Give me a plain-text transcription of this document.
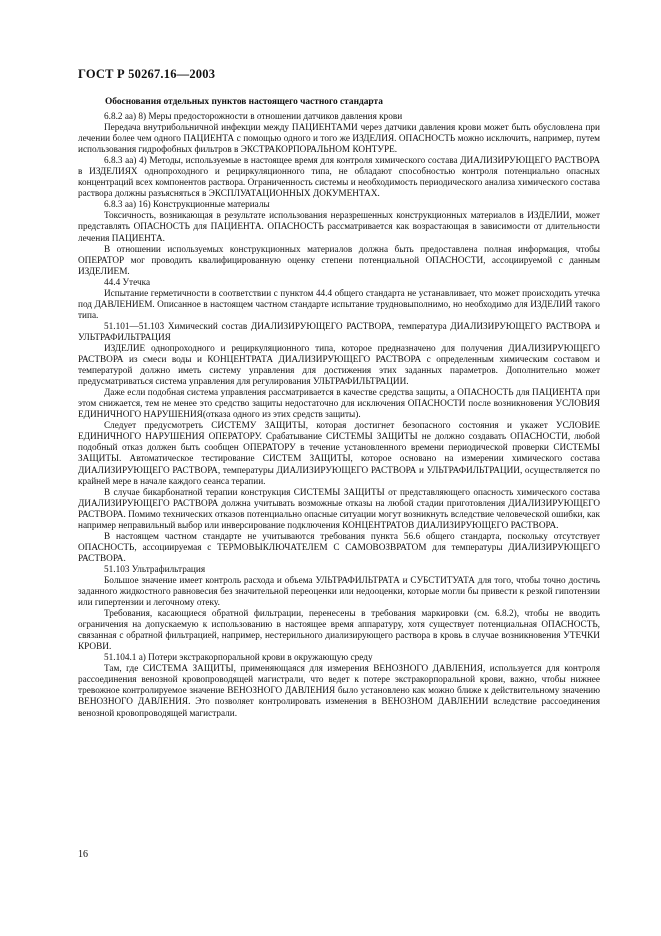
ГОСТ Р 50267.16—2003
Обоснования отдельных пунктов настоящего частного стандарта

6.8.2 аа) 8) Меры предосторожности в отношении датчиков давления крови

Передача внутрибольничной инфекции между ПАЦИЕНТАМИ через датчики давления крови может быть обусловлена при лечении более чем одного ПАЦИЕНТА с помощью одного и того же ИЗДЕЛИЯ. ОПАСНОСТЬ можно исключить, например, путем использования гидрофобных фильтров в ЭКСТРАКОРПОРАЛЬНОМ КОНТУРЕ.

6.8.3 аа) 4) Методы, используемые в настоящее время для контроля химического состава ДИАЛИЗИРУЮЩЕГО РАСТВОРА в ИЗДЕЛИЯХ однопроходного и рециркуляционного типа, не обладают способностью контроля потенциально опасных концентраций всех компонентов раствора. Ограниченность системы и необходимость периодического анализа химического состава раствора должны разъясняться в ЭКСПЛУАТАЦИОННЫХ ДОКУМЕНТАХ.

6.8.3 аа) 16) Конструкционные материалы

Токсичность, возникающая в результате использования неразрешенных конструкционных материалов в ИЗДЕЛИИ, может представлять ОПАСНОСТЬ для ПАЦИЕНТА. ОПАСНОСТЬ рассматривается как возрастающая в зависимости от длительности лечения ПАЦИЕНТА.

В отношении используемых конструкционных материалов должна быть предоставлена полная информация, чтобы ОПЕРАТОР мог проводить квалифицированную оценку степени потенциальной ОПАСНОСТИ, ассоциируемой с данным ИЗДЕЛИЕМ.

44.4 Утечка

Испытание герметичности в соответствии с пунктом 44.4 общего стандарта не устанавливает, что может происходить утечка под ДАВЛЕНИЕМ. Описанное в настоящем частном стандарте испытание трудновыполнимо, но необходимо для ИЗДЕЛИЙ такого типа.

51.101—51.103 Химический состав ДИАЛИЗИРУЮЩЕГО РАСТВОРА, температура ДИАЛИЗИРУЮЩЕГО РАСТВОРА и УЛЬТРАФИЛЬТРАЦИЯ

ИЗДЕЛИЕ однопроходного и рециркуляционного типа, которое предназначено для получения ДИАЛИЗИРУЮЩЕГО РАСТВОРА из смеси воды и КОНЦЕНТРАТА ДИАЛИЗИРУЮЩЕГО РАСТВОРА с определенным химическим составом и температурой должно иметь систему управления для достижения этих заданных параметров. Дополнительно может предусматриваться система управления для регулирования УЛЬТРАФИЛЬТРАЦИИ.

Даже если подобная система управления рассматривается в качестве средства защиты, а ОПАСНОСТЬ для ПАЦИЕНТА при этом снижается, тем не менее это средство защиты недостаточно для исключения ОПАСНОСТИ после возникновения УСЛОВИЯ ЕДИНИЧНОГО НАРУШЕНИЯ(отказа одного из этих средств защиты).

Следует предусмотреть СИСТЕМУ ЗАЩИТЫ, которая достигнет безопасного состояния и укажет УСЛОВИЕ ЕДИНИЧНОГО НАРУШЕНИЯ ОПЕРАТОРУ. Срабатывание СИСТЕМЫ ЗАЩИТЫ не должно создавать ОПАСНОСТИ, любой подобный отказ должен быть сообщен ОПЕРАТОРУ в течение установленного времени периодической проверки СИСТЕМЫ ЗАЩИТЫ. Автоматическое тестирование СИСТЕМ ЗАЩИТЫ, которое основано на измерении химического состава ДИАЛИЗИРУЮЩЕГО РАСТВОРА, температуры ДИАЛИЗИРУЮЩЕГО РАСТВОРА и УЛЬТРАФИЛЬТРАЦИИ, осуществляется по крайней мере в начале каждого сеанса терапии.

В случае бикарбонатной терапии конструкция СИСТЕМЫ ЗАЩИТЫ от представляющего опасность химического состава ДИАЛИЗИРУЮЩЕГО РАСТВОРА должна учитывать возможные отказы на любой стадии приготовления ДИАЛИЗИРУЮЩЕГО РАСТВОРА. Помимо технических отказов потенциально опасные ситуации могут возникнуть вследствие человеческой ошибки, как например неправильный выбор или инверсирование подключения КОНЦЕНТРАТОВ ДИАЛИЗИРУЮЩЕГО РАСТВОРА.

В настоящем частном стандарте не учитываются требования пункта 56.6 общего стандарта, поскольку отсутствует ОПАСНОСТЬ, ассоциируемая с ТЕРМОВЫКЛЮЧАТЕЛЕМ С САМОВОЗВРАТОМ для температуры ДИАЛИЗИРУЮЩЕГО РАСТВОРА.

51.103 Ультрафильтрация

Большое значение имеет контроль расхода и объема УЛЬТРАФИЛЬТРАТА и СУБСТИТУАТА для того, чтобы точно достичь заданного жидкостного равновесия без значительной переоценки или недооценки, которые могли бы привести к резкой гипотензии или гипертензии и легочному отеку.

Требования, касающиеся обратной фильтрации, перенесены в требования маркировки (см. 6.8.2), чтобы не вводить ограничения на допускаемую к использованию в настоящее время аппаратуру, хотя существует потенциальная ОПАСНОСТЬ, связанная с обратной фильтрацией, например, нестерильного диализирующего раствора в кровь в случае возникновения УТЕЧКИ КРОВИ.

51.104.1 а) Потери экстракорпоральной крови в окружающую среду

Там, где СИСТЕМА ЗАЩИТЫ, применяющаяся для измерения ВЕНОЗНОГО ДАВЛЕНИЯ, используется для контроля рассоединения венозной кровопроводящей магистрали, что ведет к потере экстракорпоральной крови, важно, чтобы нижнее тревожное контролируемое значение ВЕНОЗНОГО ДАВЛЕНИЯ было установлено как можно ближе к действительному значению ВЕНОЗНОГО ДАВЛЕНИЯ. Это позволяет контролировать изменения в ВЕНОЗНОМ ДАВЛЕНИИ вследствие рассоединения венозной кровопроводящей магистрали.

16
